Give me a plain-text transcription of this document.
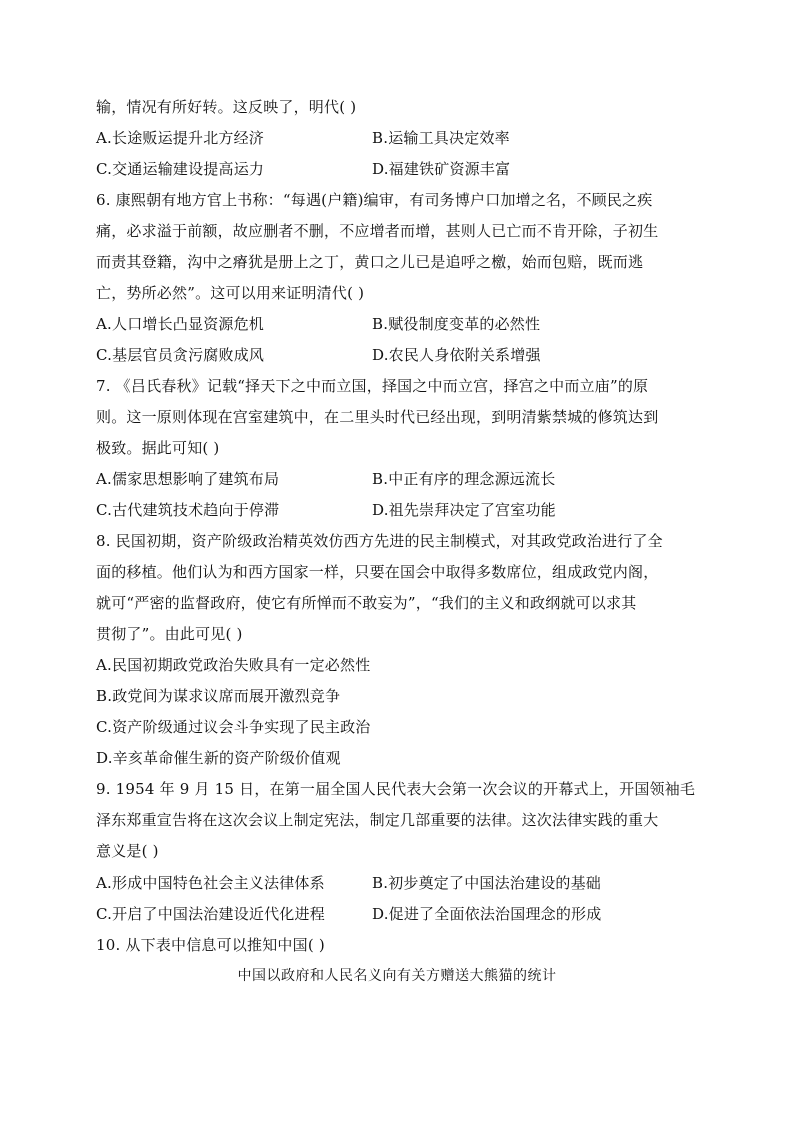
输，情况有所好转。这反映了，明代( )
A.长途贩运提升北方经济	B.运输工具决定效率
C.交通运输建设提高运力	D.福建铁矿资源丰富
6. 康熙朝有地方官上书称：“每遇(户籍)编审，有司务博户口加增之名，不顾民之疾
痛，必求溢于前额，故应删者不删，不应增者而增，甚则人已亡而不肯开除，子初生
而责其登籍，沟中之瘠犹是册上之丁，黄口之儿已是追呼之檄，始而包赔，既而逃
亡，势所必然”。这可以用来证明清代( )
A.人口增长凸显资源危机	B.赋役制度变革的必然性
C.基层官员贪污腐败成风	D.农民人身依附关系增强
7. 《吕氏春秋》记载“择天下之中而立国，择国之中而立宫，择宫之中而立庙”的原
则。这一原则体现在宫室建筑中，在二里头时代已经出现，到明清紫禁城的修筑达到
极致。据此可知( )
A.儒家思想影响了建筑布局	B.中正有序的理念源远流长
C.古代建筑技术趋向于停滞	D.祖先崇拜决定了宫室功能
8. 民国初期，资产阶级政治精英效仿西方先进的民主制模式，对其政党政治进行了全
面的移植。他们认为和西方国家一样，只要在国会中取得多数席位，组成政党内阁，
就可“严密的监督政府，使它有所惮而不敢妄为”，“我们的主义和政纲就可以求其
贯彻了”。由此可见( )
A.民国初期政党政治失败具有一定必然性
B.政党间为谋求议席而展开激烈竞争
C.资产阶级通过议会斗争实现了民主政治
D.辛亥革命催生新的资产阶级价值观
9. 1954 年 9 月 15 日，在第一届全国人民代表大会第一次会议的开幕式上，开国领袖毛
泽东郑重宣告将在这次会议上制定宪法，制定几部重要的法律。这次法律实践的重大
意义是( )
A.形成中国特色社会主义法律体系	B.初步奠定了中国法治建设的基础
C.开启了中国法治建设近代化进程	D.促进了全面依法治国理念的形成
10. 从下表中信息可以推知中国( )
中国以政府和人民名义向有关方赠送大熊猫的统计
